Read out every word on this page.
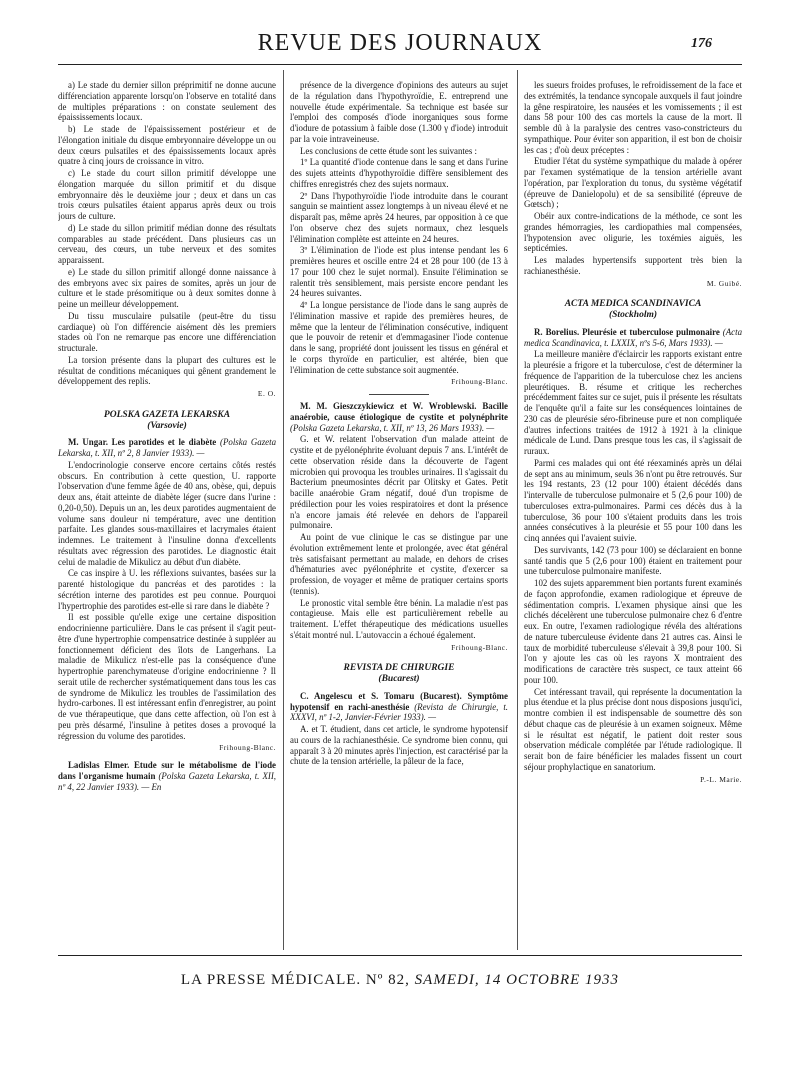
REVUE DES JOURNAUX	176

a) Le stade du dernier sillon préprimitif ne donne aucune différenciation apparente lorsqu'on l'observe en totalité dans de multiples préparations : on constate seulement des épaississements locaux.

b) Le stade de l'épaississement postérieur et de l'élongation initiale du disque embryonnaire développe un ou deux cœurs pulsatiles et des épaississements locaux après quatre à cinq jours de croissance in vitro.

c) Le stade du court sillon primitif développe une élongation marquée du sillon primitif et du disque embryonnaire dès le deuxième jour ; deux et dans un cas trois cœurs pulsatiles étaient apparus après deux ou trois jours de culture.

d) Le stade du sillon primitif médian donne des résultats comparables au stade précédent. Dans plusieurs cas un cerveau, des cœurs, un tube nerveux et des somites apparaissent.

e) Le stade du sillon primitif allongé donne naissance à des embryons avec six paires de somites, après un jour de culture et le stade présomitique ou à deux somites donne à peine un meilleur développement.

Du tissu musculaire pulsatile (peut-être du tissu cardiaque) où l'on différencie aisément dès les premiers stades où l'on ne remarque pas encore une différenciation structurale.

La torsion présente dans la plupart des cultures est le résultat de conditions mécaniques qui gênent grandement le développement des replis.

E. O.
POLSKA GAZETA LEKARSKA
(Varsovie)

M. Ungar. Les parotides et le diabète (Polska Gazeta Lekarska, t. XII, nº 2, 8 Janvier 1933). —

L'endocrinologie conserve encore certains côtés restés obscurs. En contribution à cette question, U. rapporte l'observation d'une femme âgée de 40 ans, obèse, qui, depuis deux ans, était atteinte de diabète léger (sucre dans l'urine : 0,20-0,50). Depuis un an, les deux parotides augmentaient de volume sans douleur ni température, avec une dentition parfaite. Les glandes sous-maxillaires et lacrymales étaient indemnes. Le traitement à l'insuline donna d'excellents résultats avec régression des parotides. Le diagnostic était celui de maladie de Mikulicz au début d'un diabète.

Ce cas inspire à U. les réflexions suivantes, basées sur la parenté histologique du pancréas et des parotides : la sécrétion interne des parotides est peu connue. Pourquoi l'hypertrophie des parotides est-elle si rare dans le diabète ?

Il est possible qu'elle exige une certaine disposition endocrinienne particulière. Dans le cas présent il s'agit peut-être d'une hypertrophie compensatrice destinée à suppléer au fonctionnement déficient des îlots de Langerhans. La maladie de Mikulicz n'est-elle pas la conséquence d'une hypertrophie parenchymateuse d'origine endocrinienne ? Il serait utile de rechercher systématiquement dans tous les cas de syndrome de Mikulicz les troubles de l'assimilation des hydro-carbones. Il est intéressant enfin d'enregistrer, au point de vue thérapeutique, que dans cette affection, où l'on est à peu près désarmé, l'insuline à petites doses a provoqué la régression du volume des parotides.

Frihoung-Blanc.

Ladislas Elmer. Etude sur le métabolisme de l'iode dans l'organisme humain (Polska Gazeta Lekarska, t. XII, nº 4, 22 Janvier 1933). — En

présence de la divergence d'opinions des auteurs au sujet de la régulation dans l'hypothyroïdie, E. entreprend une nouvelle étude expérimentale. Sa technique est basée sur l'emploi des composés d'iode inorganiques sous forme d'iodure de potassium à faible dose (1.300 γ d'iode) introduit par la voie intraveineuse.

Les conclusions de cette étude sont les suivantes :

1º La quantité d'iode contenue dans le sang et dans l'urine des sujets atteints d'hypothyroïdie diffère sensiblement des chiffres enregistrés chez des sujets normaux.

2º Dans l'hypothyroïdie l'iode introduite dans le courant sanguin se maintient assez longtemps à un niveau élevé et ne disparaît pas, même après 24 heures, par opposition à ce que l'on observe chez des sujets normaux, chez lesquels l'élimination complète est atteinte en 24 heures.

3º L'élimination de l'iode est plus intense pendant les 6 premières heures et oscille entre 24 et 28 pour 100 (de 13 à 17 pour 100 chez le sujet normal). Ensuite l'élimination se ralentit très sensiblement, mais persiste encore pendant les 24 heures suivantes.

4º La longue persistance de l'iode dans le sang auprès de l'élimination massive et rapide des premières heures, de même que la lenteur de l'élimination consécutive, indiquent que le pouvoir de retenir et d'emmagasiner l'iode contenue dans le sang, propriété dont jouissent les tissus en général et le corps thyroïde en particulier, est altérée, bien que l'élimination de cette substance soit augmentée.

Frihoung-Blanc.

M. M. Gieszczykiewicz et W. Wroblewski. Bacille anaérobie, cause étiologique de cystite et polynéphrite (Polska Gazeta Lekarska, t. XII, nº 13, 26 Mars 1933). —

G. et W. relatent l'observation d'un malade atteint de cystite et de pyélonéphrite évoluant depuis 7 ans. L'intérêt de cette observation réside dans la découverte de l'agent microbien qui provoqua les troubles urinaires. Il s'agissait du Bacterium pneumosintes décrit par Olitsky et Gates. Petit bacille anaérobie Gram négatif, doué d'un tropisme de prédilection pour les voies respiratoires et dont la présence n'a encore jamais été relevée en dehors de l'appareil pulmonaire.

Au point de vue clinique le cas se distingue par une évolution extrêmement lente et prolongée, avec état général très satisfaisant permettant au malade, en dehors de crises d'hématuries avec pyélonéphrite et cystite, d'exercer sa profession, de voyager et même de pratiquer certains sports (tennis).

Le pronostic vital semble être bénin. La maladie n'est pas contagieuse. Mais elle est particulièrement rebelle au traitement. L'effet thérapeutique des médications usuelles s'était montré nul. L'autovaccin a échoué également.

Frihoung-Blanc.
REVISTA DE CHIRURGIE
(Bucarest)

C. Angelescu et S. Tomaru (Bucarest). Symptôme hypotensif en rachi-anesthésie (Revista de Chirurgie, t. XXXVI, nº 1-2, Janvier-Février 1933). —

A. et T. étudient, dans cet article, le syndrome hypotensif au cours de la rachianesthésie. Ce syndrome bien connu, qui apparaît 3 à 20 minutes après l'injection, est caractérisé par la chute de la tension artérielle, la pâleur de la face,

les sueurs froides profuses, le refroidissement de la face et des extrémités, la tendance syncopale auxquels il faut joindre la gêne respiratoire, les nausées et les vomissements ; il est dans 58 pour 100 des cas mortels la cause de la mort. Il semble dû à la paralysie des centres vaso-constricteurs du sympathique. Pour éviter son apparition, il est bon de choisir les cas ; d'où deux préceptes :

Etudier l'état du système sympathique du malade à opérer par l'examen systématique de la tension artérielle avant l'opération, par l'exploration du tonus, du système végétatif (épreuve de Danielopolu) et de sa sensibilité (épreuve de Gœtsch) ;

Obéir aux contre-indications de la méthode, ce sont les grandes hémorragies, les cardiopathies mal compensées, l'hypotension avec oligurie, les toxémies aiguës, les septicémies.

Les malades hypertensifs supportent très bien la rachianesthésie.

M. Guibé.
ACTA MEDICA SCANDINAVICA
(Stockholm)

R. Borelius. Pleurésie et tuberculose pulmonaire (Acta medica Scandinavica, t. LXXIX, nºs 5-6, Mars 1933). —

La meilleure manière d'éclaircir les rapports existant entre la pleurésie a frigore et la tuberculose, c'est de déterminer la fréquence de l'apparition de la tuberculose chez les anciens pleurétiques. B. résume et critique les recherches précédemment faites sur ce sujet, puis il présente les résultats de l'enquête qu'il a faite sur les conséquences lointaines de 230 cas de pleurésie séro-fibrineuse pure et non compliquée d'autres infections traitées de 1912 à 1921 à la clinique médicale de Lund. Dans presque tous les cas, il s'agissait de ruraux.

Parmi ces malades qui ont été réexaminés après un délai de sept ans au minimum, seuls 36 n'ont pu être retrouvés. Sur les 194 restants, 23 (12 pour 100) étaient décédés dans l'intervalle de tuberculose pulmonaire et 5 (2,6 pour 100) de tuberculoses extra-pulmonaires. Parmi ces décès dus à la tuberculose, 36 pour 100 s'étaient produits dans les trois années consécutives à la pleurésie et 55 pour 100 dans les cinq années qui l'avaient suivie.

Des survivants, 142 (73 pour 100) se déclaraient en bonne santé tandis que 5 (2,6 pour 100) étaient en traitement pour une tuberculose pulmonaire manifeste.

102 des sujets apparemment bien portants furent examinés de façon approfondie, examen radiologique et épreuve de sédimentation compris. L'examen physique ainsi que les clichés décelèrent une tuberculose pulmonaire chez 6 d'entre eux. En outre, l'examen radiologique révéla des altérations de nature tuberculeuse évidente dans 21 autres cas. Ainsi le taux de morbidité tuberculeuse s'élevait à 39,8 pour 100. Si l'on y ajoute les cas où les rayons X montraient des modifications de caractère très suspect, ce taux atteint 66 pour 100.

Cet intéressant travail, qui représente la documentation la plus étendue et la plus précise dont nous disposions jusqu'ici, montre combien il est indispensable de soumettre dès son début chaque cas de pleurésie à un examen soigneux. Même si le résultat est négatif, le patient doit rester sous observation médicale complétée par l'étude radiologique. Il serait bon de faire bénéficier les malades fissent un court séjour prophylactique en sanatorium.

P.-L. Marie.
LA PRESSE MÉDICALE. Nº 82, SAMEDI, 14 OCTOBRE 1933
